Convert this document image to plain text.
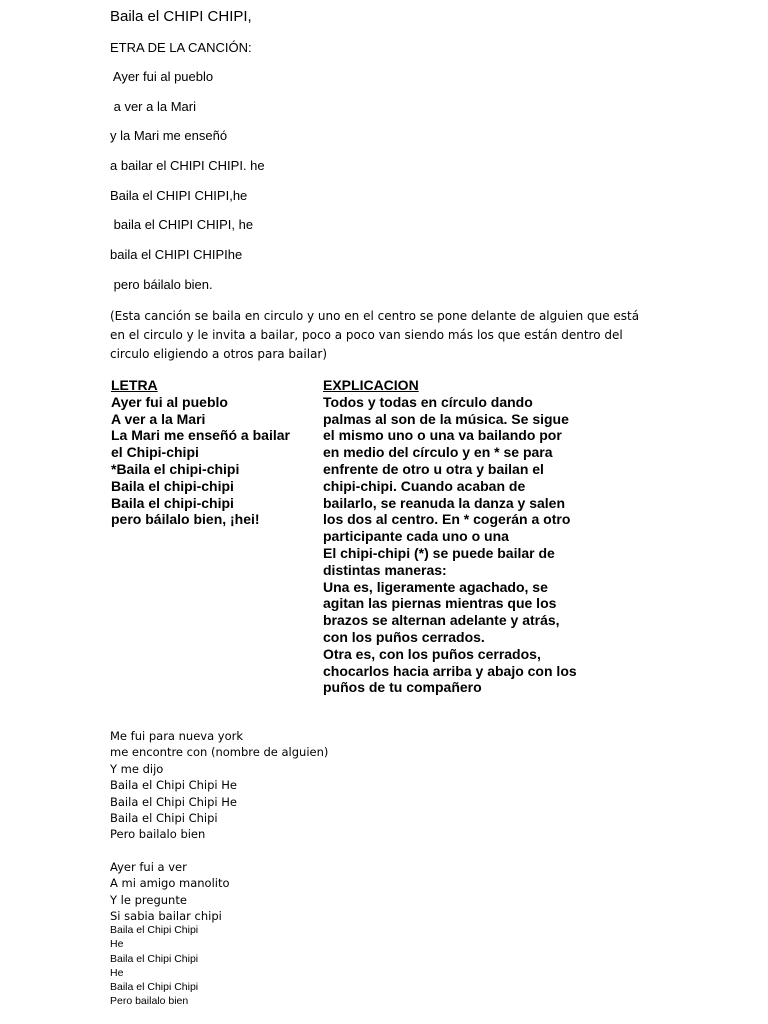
Baila el CHIPI CHIPI,
ETRA DE LA CANCIÓN:
Ayer fui al pueblo
a ver a la Mari
y la Mari me enseñó
a bailar el CHIPI CHIPI. he
Baila el CHIPI CHIPI,he
baila el CHIPI CHIPI, he
baila el CHIPI CHIPIhe
pero báilalo bien.
(Esta canción se baila en circulo y uno en el centro se pone delante de alguien que está en el circulo y le invita a bailar, poco a poco van siendo más los que están dentro del circulo eligiendo a otros para bailar)
LETRA
Ayer fui al pueblo
A ver a la Mari
La Mari me enseñó a bailar
el Chipi-chipi
*Baila el chipi-chipi
Baila el chipi-chipi
Baila el chipi-chipi
pero báilalo bien, ¡hei!
EXPLICACION
Todos y todas en círculo dando
palmas al son de la música. Se sigue
el mismo uno o una va bailando por
en medio del círculo y en * se para
enfrente de otro u otra y bailan el
chipi-chipi. Cuando acaban de
bailarlo, se reanuda la danza y salen
los dos al centro. En * cogerán a otro
participante cada uno o una
El chipi-chipi (*) se puede bailar de
distintas maneras:
Una es, ligeramente agachado, se
agitan las piernas mientras que los
brazos se alternan adelante y atrás,
con los puños cerrados.
Otra es, con los puños cerrados,
chocarlos hacia arriba y abajo con los
puños de tu compañero
Me fui para nueva york
me encontre con (nombre de alguien)
Y me dijo
Baila el Chipi Chipi He
Baila el Chipi Chipi He
Baila el Chipi Chipi
Pero bailalo bien
Ayer fui a ver
A mi amigo manolito
Y le pregunte
Si sabia bailar chipi
Baila el Chipi Chipi
He
Baila el Chipi Chipi
He
Baila el Chipi Chipi
Pero bailalo bien
